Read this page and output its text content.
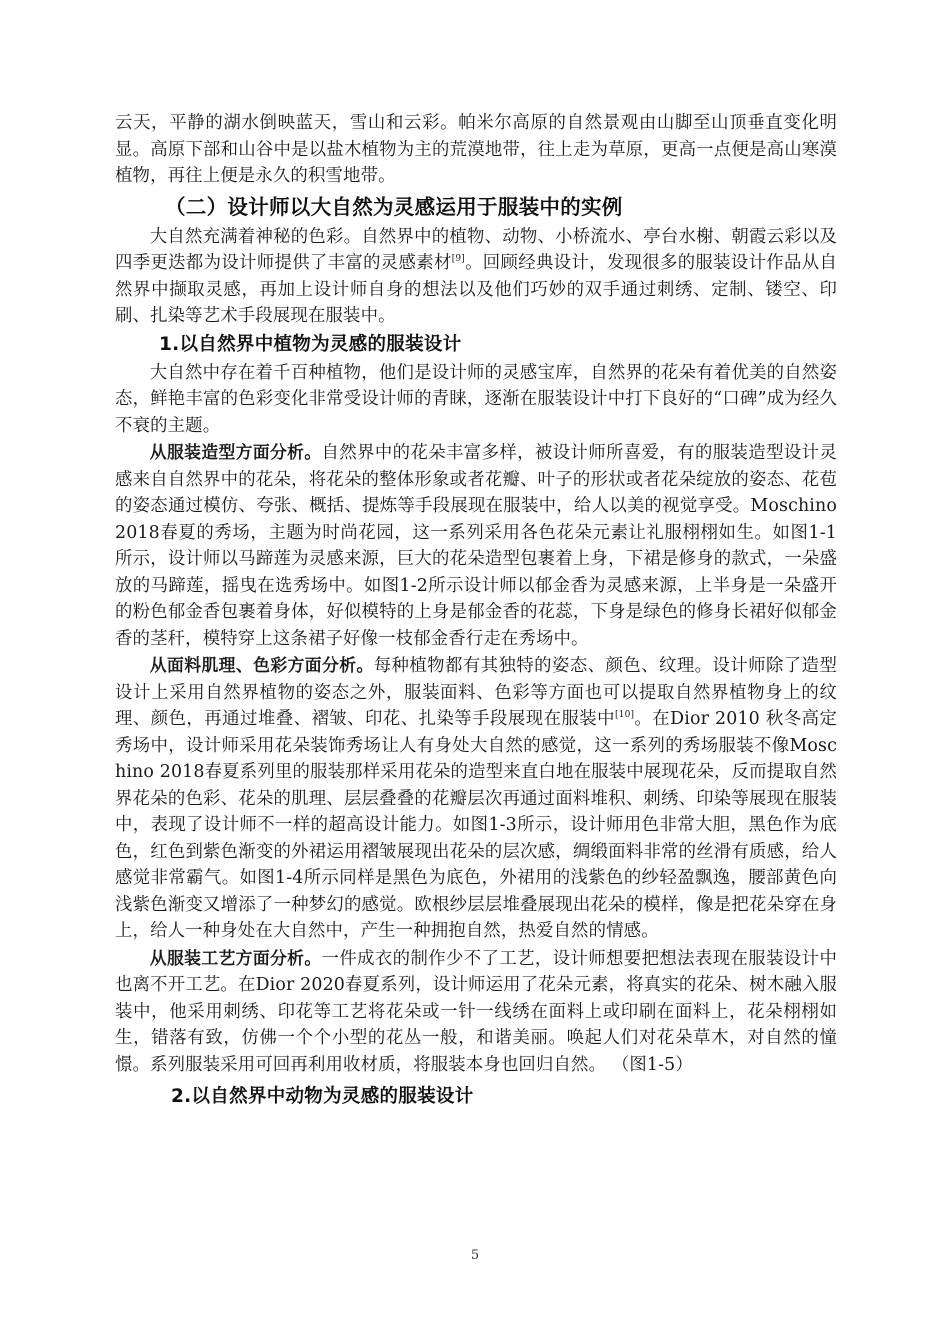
云天，平静的湖水倒映蓝天，雪山和云彩。帕米尔高原的自然景观由山脚至山顶垂直变化明显。高原下部和山谷中是以盐木植物为主的荒漠地带，往上走为草原，更高一点便是高山寒漠植物，再往上便是永久的积雪地带。

（二）设计师以大自然为灵感运用于服装中的实例

大自然充满着神秘的色彩。自然界中的植物、动物、小桥流水、亭台水榭、朝霞云彩以及四季更迭都为设计师提供了丰富的灵感素材[9]。回顾经典设计，发现很多的服装设计作品从自然界中撷取灵感，再加上设计师自身的想法以及他们巧妙的双手通过刺绣、定制、镂空、印刷、扎染等艺术手段展现在服装中。

1.以自然界中植物为灵感的服装设计

大自然中存在着千百种植物，他们是设计师的灵感宝库，自然界的花朵有着优美的自然姿态，鲜艳丰富的色彩变化非常受设计师的青睐，逐渐在服装设计中打下良好的“口碑”成为经久不衰的主题。

从服装造型方面分析。自然界中的花朵丰富多样，被设计师所喜爱，有的服装造型设计灵感来自自然界中的花朵，将花朵的整体形象或者花瓣、叶子的形状或者花朵绽放的姿态、花苞的姿态通过模仿、夸张、概括、提炼等手段展现在服装中，给人以美的视觉享受。Moschino 2018春夏的秀场，主题为时尚花园，这一系列采用各色花朵元素让礼服栩栩如生。如图1-1所示，设计师以马蹄莲为灵感来源，巨大的花朵造型包裹着上身，下裙是修身的款式，一朵盛放的马蹄莲，摇曳在选秀场中。如图1-2所示设计师以郁金香为灵感来源，上半身是一朵盛开的粉色郁金香包裹着身体，好似模特的上身是郁金香的花蕊，下身是绿色的修身长裙好似郁金香的茎秆，模特穿上这条裙子好像一枝郁金香行走在秀场中。

从面料肌理、色彩方面分析。每种植物都有其独特的姿态、颜色、纹理。设计师除了造型设计上采用自然界植物的姿态之外，服装面料、色彩等方面也可以提取自然界植物身上的纹理、颜色，再通过堆叠、褶皱、印花、扎染等手段展现在服装中[10]。在Dior 2010 秋冬高定秀场中，设计师采用花朵装饰秀场让人有身处大自然的感觉，这一系列的秀场服装不像Moschino 2018春夏系列里的服装那样采用花朵的造型来直白地在服装中展现花朵，反而提取自然界花朵的色彩、花朵的肌理、层层叠叠的花瓣层次再通过面料堆积、刺绣、印染等展现在服装中，表现了设计师不一样的超高设计能力。如图1-3所示，设计师用色非常大胆，黑色作为底色，红色到紫色渐变的外裙运用褶皱展现出花朵的层次感，绸缎面料非常的丝滑有质感，给人感觉非常霸气。如图1-4所示同样是黑色为底色，外裙用的浅紫色的纱轻盈飘逸，腰部黄色向浅紫色渐变又增添了一种梦幻的感觉。欧根纱层层堆叠展现出花朵的模样，像是把花朵穿在身上，给人一种身处在大自然中，产生一种拥抱自然，热爱自然的情感。

从服装工艺方面分析。一件成衣的制作少不了工艺，设计师想要把想法表现在服装设计中也离不开工艺。在Dior 2020春夏系列，设计师运用了花朵元素，将真实的花朵、树木融入服装中，他采用刺绣、印花等工艺将花朵或一针一线绣在面料上或印刷在面料上，花朵栩栩如生，错落有致，仿佛一个个小型的花丛一般，和谐美丽。唤起人们对花朵草木，对自然的憧憬。系列服装采用可回再利用收材质，将服装本身也回归自然。 （图1-5）

2.以自然界中动物为灵感的服装设计
5
